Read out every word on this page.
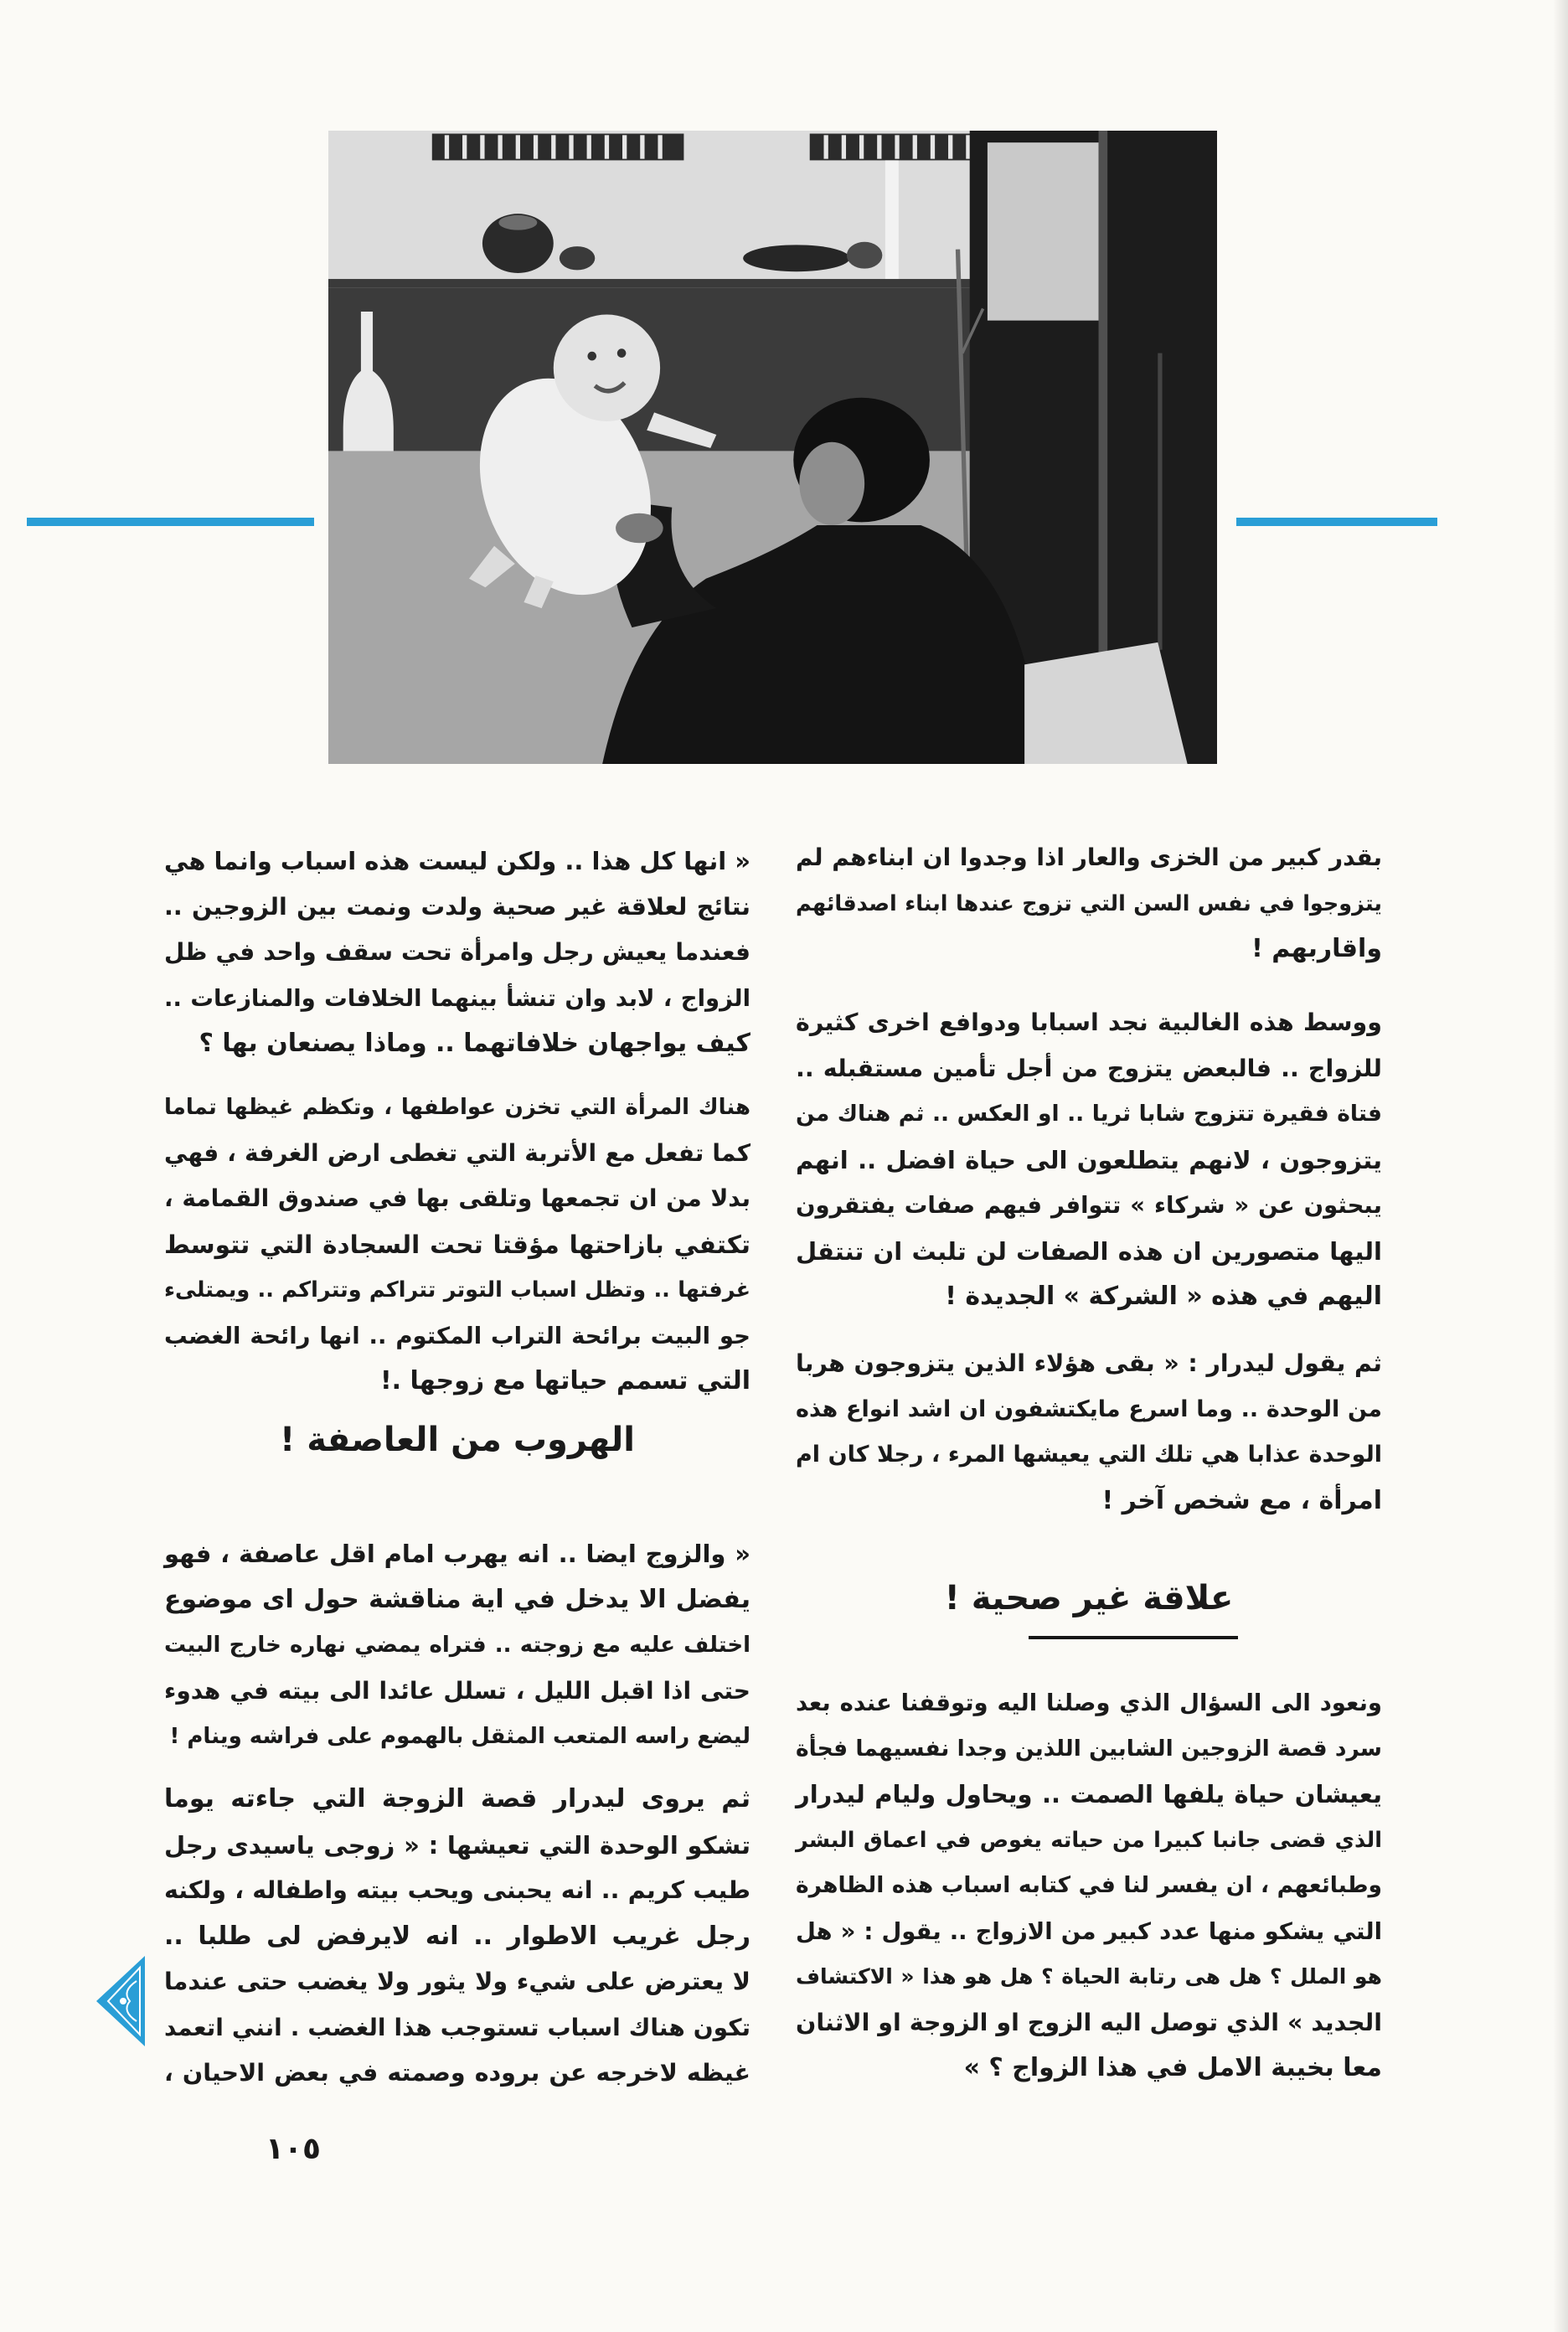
بقدر كبير من الخزى والعار اذا وجدوا ان ابناءهم لم
يتزوجوا في نفس السن التي تزوج عندها ابناء اصدقائهم
واقاربهم !
ووسط هذه الغالبية نجد اسبابا ودوافع اخرى كثيرة
للزواج .. فالبعض يتزوج من أجل تأمين مستقبله ..
فتاة فقيرة تتزوج شابا ثريا .. او العكس .. ثم هناك من
يتزوجون ، لانهم يتطلعون الى حياة افضل .. انهم
يبحثون عن « شركاء » تتوافر فيهم صفات يفتقرون
اليها متصورين ان هذه الصفات لن تلبث ان تنتقل
اليهم في هذه « الشركة » الجديدة !
ثم يقول ليدرار : « بقى هؤلاء الذين يتزوجون هربا
من الوحدة .. وما اسرع مايكتشفون ان اشد انواع هذه
الوحدة عذابا هي تلك التي يعيشها المرء ، رجلا كان ام
امرأة ، مع شخص آخر !
علاقة غير صحية !
ونعود الى السؤال الذي وصلنا اليه وتوقفنا عنده بعد
سرد قصة الزوجين الشابين اللذين وجدا نفسيهما فجأة
يعيشان حياة يلفها الصمت .. ويحاول وليام ليدرار
الذي قضى جانبا كبيرا من حياته يغوص في اعماق البشر
وطبائعهم ، ان يفسر لنا في كتابه اسباب هذه الظاهرة
التي يشكو منها عدد كبير من الازواج .. يقول : « هل
هو الملل ؟ هل هى رتابة الحياة ؟ هل هو هذا « الاكتشاف
الجديد » الذي توصل اليه الزوج او الزوجة او الاثنان
معا بخيبة الامل في هذا الزواج ؟ »
« انها كل هذا .. ولكن ليست هذه اسباب وانما هي
نتائج لعلاقة غير صحية ولدت ونمت بين الزوجين ..
فعندما يعيش رجل وامرأة تحت سقف واحد في ظل
الزواج ، لابد وان تنشأ بينهما الخلافات والمنازعات ..
كيف يواجهان خلافاتهما .. وماذا يصنعان بها ؟
هناك المرأة التي تخزن عواطفها ، وتكظم غيظها تماما
كما تفعل مع الأتربة التي تغطى ارض الغرفة ، فهي
بدلا من ان تجمعها وتلقى بها في صندوق القمامة ،
تكتفي بازاحتها مؤقتا تحت السجادة التي تتوسط
غرفتها .. وتظل اسباب التوتر تتراكم وتتراكم .. ويمتلىء
جو البيت برائحة التراب المكتوم .. انها رائحة الغضب
التي تسمم حياتها مع زوجها .!
الهروب من العاصفة !
« والزوج ايضا .. انه يهرب امام اقل عاصفة ، فهو
يفضل الا يدخل في اية مناقشة حول اى موضوع
اختلف عليه مع زوجته .. فتراه يمضي نهاره خارج البيت
حتى اذا اقبل الليل ، تسلل عائدا الى بيته في هدوء
ليضع راسه المتعب المثقل بالهموم على فراشه وينام !
ثم يروى ليدرار قصة الزوجة التي جاءته يوما
تشكو الوحدة التي تعيشها : « زوجى ياسيدى رجل
طيب كريم .. انه يحبنى ويحب بيته واطفاله ، ولكنه
رجل غريب الاطوار .. انه لايرفض لى طلبا ..
لا يعترض على شيء ولا يثور ولا يغضب حتى عندما
تكون هناك اسباب تستوجب هذا الغضب . انني اتعمد
غيظه لاخرجه عن بروده وصمته في بعض الاحيان ،
١٠٥
